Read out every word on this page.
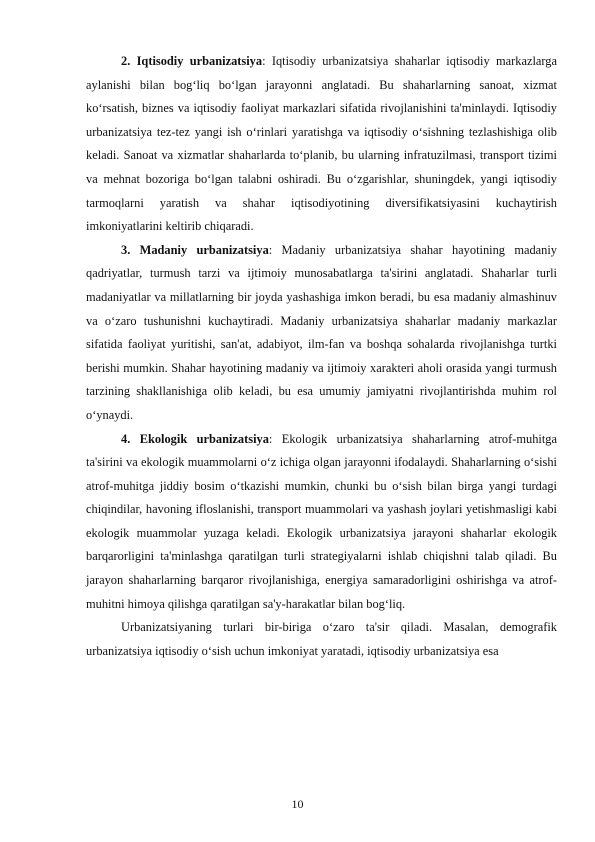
2. Iqtisodiy urbanizatsiya: Iqtisodiy urbanizatsiya shaharlar iqtisodiy markazlarga aylanishi bilan bog‘liq bo‘lgan jarayonni anglatadi. Bu shaharlarning sanoat, xizmat ko‘rsatish, biznes va iqtisodiy faoliyat markazlari sifatida rivojlanishini ta'minlaydi. Iqtisodiy urbanizatsiya tez-tez yangi ish o‘rinlari yaratishga va iqtisodiy o‘sishning tezlashishiga olib keladi. Sanoat va xizmatlar shaharlarda to‘planib, bu ularning infratuzilmasi, transport tizimi va mehnat bozoriga bo‘lgan talabni oshiradi. Bu o‘zgarishlar, shuningdek, yangi iqtisodiy tarmoqlarni yaratish va shahar iqtisodiyotining diversifikatsiyasini kuchaytirish imkoniyatlarini keltirib chiqaradi.

3. Madaniy urbanizatsiya: Madaniy urbanizatsiya shahar hayotining madaniy qadriyatlar, turmush tarzi va ijtimoiy munosabatlarga ta'sirini anglatadi. Shaharlar turli madaniyatlar va millatlarning bir joyda yashashiga imkon beradi, bu esa madaniy almashinuv va o‘zaro tushunishni kuchaytiradi. Madaniy urbanizatsiya shaharlar madaniy markazlar sifatida faoliyat yuritishi, san'at, adabiyot, ilm-fan va boshqa sohalarda rivojlanishga turtki berishi mumkin. Shahar hayotining madaniy va ijtimoiy xarakteri aholi orasida yangi turmush tarzining shakllanishiga olib keladi, bu esa umumiy jamiyatni rivojlantirishda muhim rol o‘ynaydi.

4. Ekologik urbanizatsiya: Ekologik urbanizatsiya shaharlarning atrof-muhitga ta'sirini va ekologik muammolarni o‘z ichiga olgan jarayonni ifodalaydi. Shaharlarning o‘sishi atrof-muhitga jiddiy bosim o‘tkazishi mumkin, chunki bu o‘sish bilan birga yangi turdagi chiqindilar, havoning ifloslanishi, transport muammolari va yashash joylari yetishmasligi kabi ekologik muammolar yuzaga keladi. Ekologik urbanizatsiya jarayoni shaharlar ekologik barqarorligini ta'minlashga qaratilgan turli strategiyalarni ishlab chiqishni talab qiladi. Bu jarayon shaharlarning barqaror rivojlanishiga, energiya samaradorligini oshirishga va atrof-muhitni himoya qilishga qaratilgan sa'y-harakatlar bilan bog‘liq.

Urbanizatsiyaning turlari bir-biriga o‘zaro ta'sir qiladi. Masalan, demografik urbanizatsiya iqtisodiy o‘sish uchun imkoniyat yaratadi, iqtisodiy urbanizatsiya esa

10
